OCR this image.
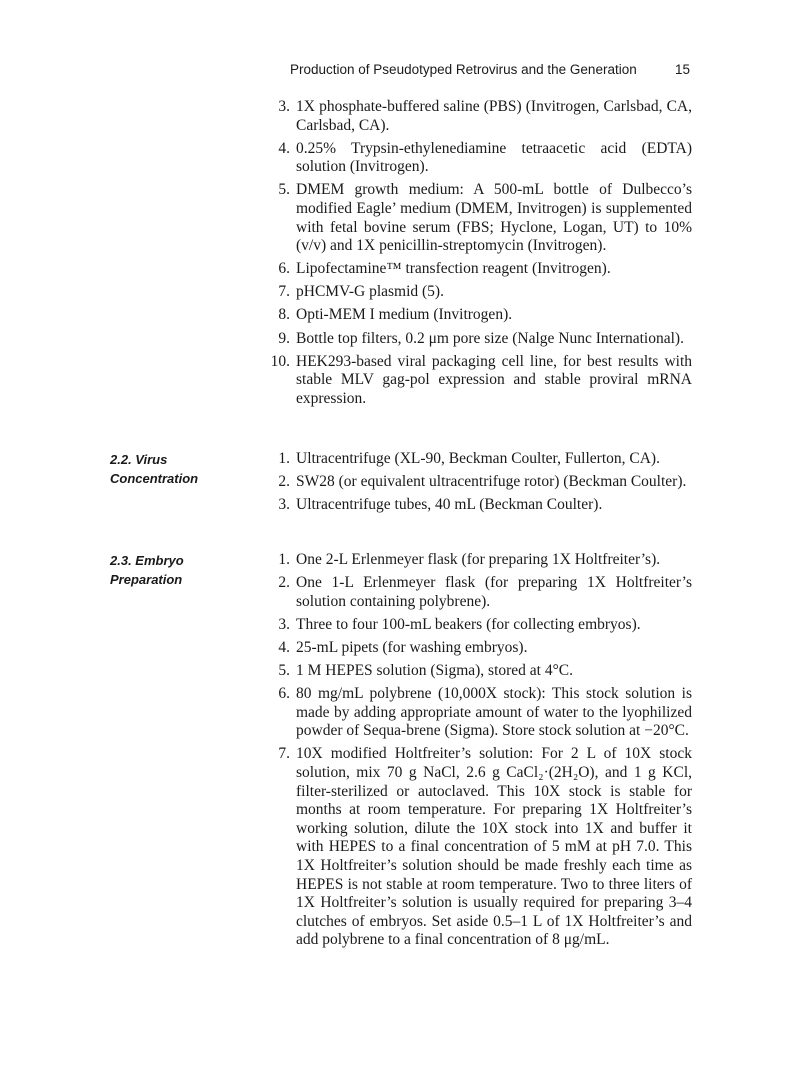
Production of Pseudotyped Retrovirus and the Generation	15
3. 1X phosphate-buffered saline (PBS) (Invitrogen, Carlsbad, CA, Carlsbad, CA).
4. 0.25% Trypsin-ethylenediamine tetraacetic acid (EDTA) solution (Invitrogen).
5. DMEM growth medium: A 500-mL bottle of Dulbecco’s modified Eagle’ medium (DMEM, Invitrogen) is supplemented with fetal bovine serum (FBS; Hyclone, Logan, UT) to 10% (v/v) and 1X penicillin-streptomycin (Invitrogen).
6. Lipofectamine™ transfection reagent (Invitrogen).
7. pHCMV-G plasmid (5).
8. Opti-MEM I medium (Invitrogen).
9. Bottle top filters, 0.2 μm pore size (Nalge Nunc International).
10. HEK293-based viral packaging cell line, for best results with stable MLV gag-pol expression and stable proviral mRNA expression.
2.2. Virus
Concentration
1. Ultracentrifuge (XL-90, Beckman Coulter, Fullerton, CA).
2. SW28 (or equivalent ultracentrifuge rotor) (Beckman Coulter).
3. Ultracentrifuge tubes, 40 mL (Beckman Coulter).
2.3. Embryo
Preparation
1. One 2-L Erlenmeyer flask (for preparing 1X Holtfreiter’s).
2. One 1-L Erlenmeyer flask (for preparing 1X Holtfreiter’s solution containing polybrene).
3. Three to four 100-mL beakers (for collecting embryos).
4. 25-mL pipets (for washing embryos).
5. 1 M HEPES solution (Sigma), stored at 4°C.
6. 80 mg/mL polybrene (10,000X stock): This stock solution is made by adding appropriate amount of water to the lyophilized powder of Sequa-brene (Sigma). Store stock solution at −20°C.
7. 10X modified Holtfreiter’s solution: For 2 L of 10X stock solution, mix 70 g NaCl, 2.6 g CaCl₂·(2H₂O), and 1 g KCl, filter-sterilized or autoclaved. This 10X stock is stable for months at room temperature. For preparing 1X Holtfreiter’s working solution, dilute the 10X stock into 1X and buffer it with HEPES to a final concentration of 5 mM at pH 7.0. This 1X Holtfreiter’s solution should be made freshly each time as HEPES is not stable at room temperature. Two to three liters of 1X Holtfreiter’s solution is usually required for preparing 3–4 clutches of embryos. Set aside 0.5–1 L of 1X Holtfreiter’s and add polybrene to a final concentration of 8 μg/mL.
